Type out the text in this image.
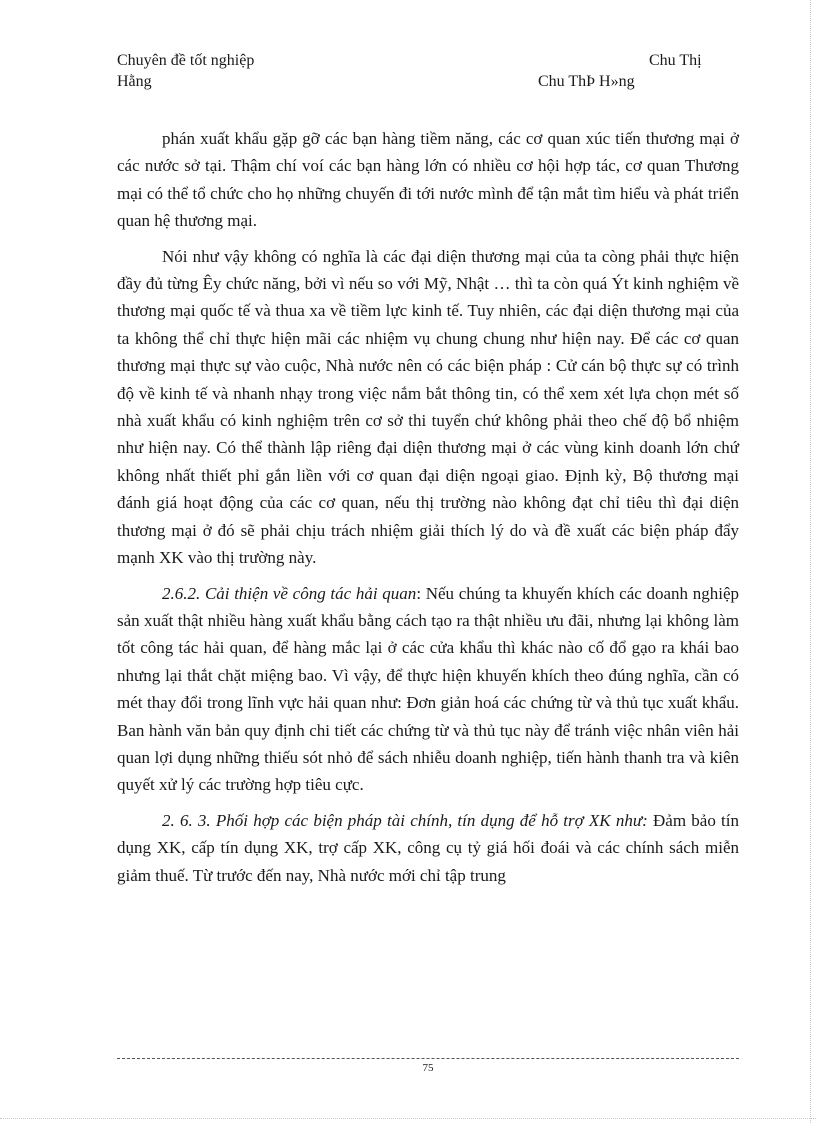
Chuyên đề tốt nghiệp	Chu Thị
Hằng	Chu ThÞ H»ng

phán xuất khẩu gặp gỡ các bạn hàng tiềm năng, các cơ quan xúc tiến thương mại ở các nước sở tại. Thậm chí voí các bạn hàng lớn có nhiều cơ hội hợp tác, cơ quan Thương mại có thể tổ chức cho họ những chuyến đi tới nước mình để tận mắt tìm hiểu và phát triển quan hệ thương mại.

Nói như vậy không có nghĩa là các đại diện thương mại của ta còng phải thực hiện đầy đủ từng Êy chức năng, bởi vì nếu so với Mỹ, Nhật … thì ta còn quá Ýt kinh nghiệm về thương mại quốc tế và thua xa về tiềm lực kinh tế. Tuy nhiên, các đại diện thương mại của ta không thể chỉ thực hiện mãi các nhiệm vụ chung chung như hiện nay. Để các cơ quan thương mại thực sự vào cuộc, Nhà nước nên có các biện pháp : Cử cán bộ thực sự có trình độ về kinh tế và nhanh nhạy trong việc nắm bắt thông tin, có thể xem xét lựa chọn mét số nhà xuất khẩu có kinh nghiệm trên cơ sở thi tuyển chứ không phải theo chế độ bổ nhiệm như hiện nay. Có thể thành lập riêng đại diện thương mại ở các vùng kinh doanh lớn chứ không nhất thiết phỉ gắn liền với cơ quan đại diện ngoại giao. Định kỳ, Bộ thương mại đánh giá hoạt động của các cơ quan, nếu thị trường nào không đạt chỉ tiêu thì đại diện thương mại ở đó sẽ phải chịu trách nhiệm giải thích lý do và đề xuất các biện pháp đẩy mạnh XK vào thị trường này.

2.6.2. Cải thiện về công tác hải quan: Nếu chúng ta khuyến khích các doanh nghiệp sản xuất thật nhiều hàng xuất khẩu bằng cách tạo ra thật nhiều ưu đãi, nhưng lại không làm tốt công tác hải quan, để hàng mắc lại ở các cửa khẩu thì khác nào cố đổ gạo ra khái bao nhưng lại thắt chặt miệng bao. Vì vậy, để thực hiện khuyến khích theo đúng nghĩa, cần có mét thay đổi trong lĩnh vực hải quan như: Đơn giản hoá các chứng từ và thủ tục xuất khẩu. Ban hành văn bản quy định chi tiết các chứng từ và thủ tục này để tránh việc nhân viên hải quan lợi dụng những thiếu sót nhỏ để sách nhiễu doanh nghiệp, tiến hành thanh tra và kiên quyết xử lý các trường hợp tiêu cực.

2. 6. 3. Phối hợp các biện pháp tài chính, tín dụng để hỗ trợ XK như: Đảm bảo tín dụng XK, cấp tín dụng XK, trợ cấp XK, công cụ tỷ giá hối đoái và các chính sách miễn giảm thuế. Từ trước đến nay, Nhà nước mới chỉ tập trung

75
